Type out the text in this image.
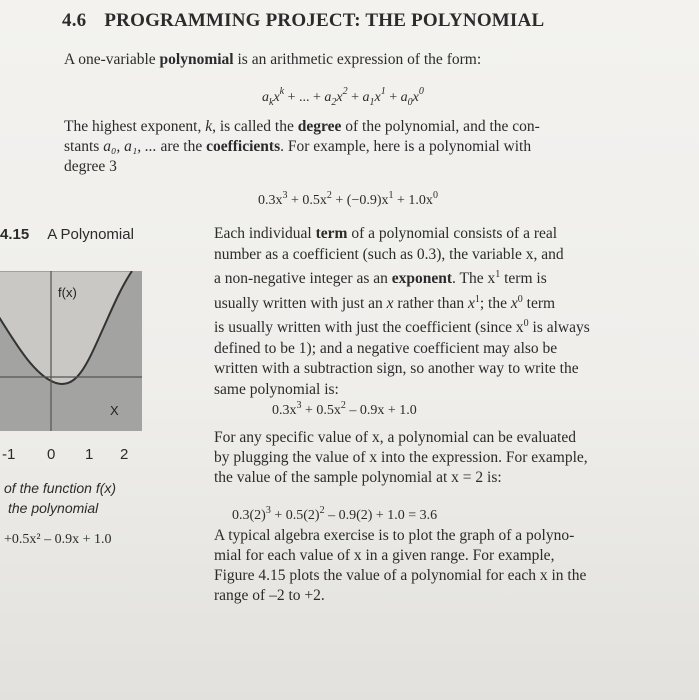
4.6 PROGRAMMING PROJECT: THE POLYNOMIAL
A one-variable polynomial is an arithmetic expression of the form:
$a_kx^k$ + ... + $a_2x^2 + a_1x^1 + a_0x^0$
The highest exponent, k, is called the degree of the polynomial, and the con-
stants a₀, a₁, ... are the coefficients. For example, here is a polynomial with
degree 3
$0.3x^3 + 0.5x^2 + (-0.9)x^1 + 1.0x^0$
4.15 A Polynomial
f(x)
X
-1 0 1 2
of the function f(x)
the polynomial
+0.5x² – 0.9x + 1.0
Each individual term of a polynomial consists of a real
number as a coefficient (such as 0.3), the variable x, and
a non-negative integer as an exponent. The $x^1$ term is
usually written with just an x rather than $x^1$; the $x^0$ term
is usually written with just the coefficient (since $x^0$ is always
defined to be 1); and a negative coefficient may also be
written with a subtraction sign, so another way to write the
same polynomial is:
$0.3x^3 + 0.5x^2 - 0.9x + 1.0$
For any specific value of x, a polynomial can be evaluated
by plugging the value of x into the expression. For example,
the value of the sample polynomial at x = 2 is:
$0.3(2)^3 + 0.5(2)^2 - 0.9(2) + 1.0 = 3.6$
A typical algebra exercise is to plot the graph of a polyno-
mial for each value of x in a given range. For example,
Figure 4.15 plots the value of a polynomial for each x in the
range of –2 to +2.
